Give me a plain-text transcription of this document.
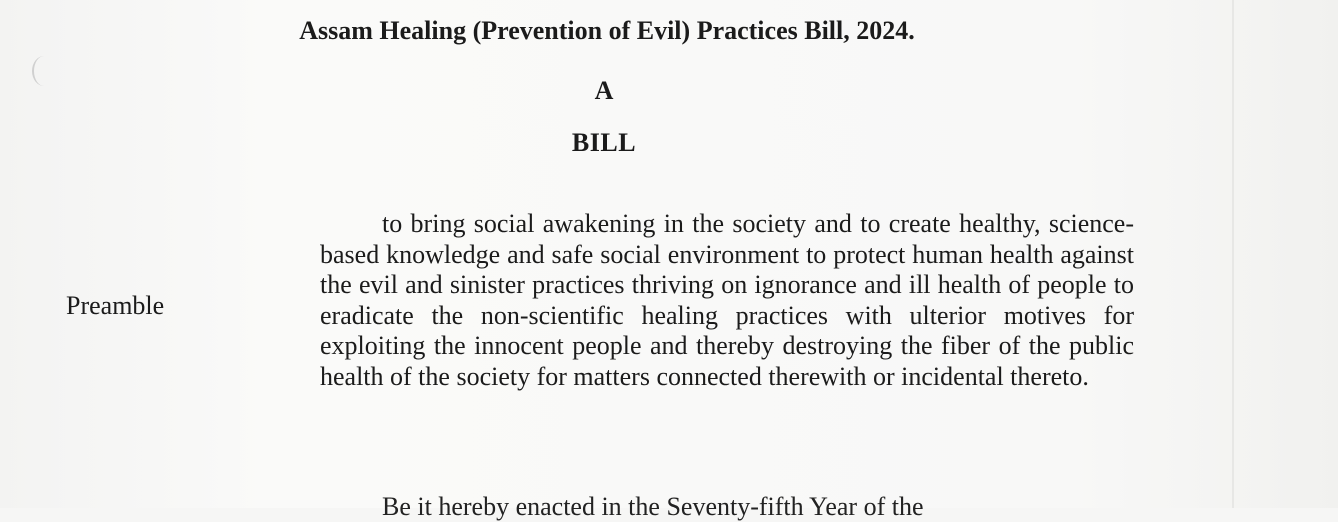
Assam Healing (Prevention of Evil) Practices Bill, 2024.
A
BILL
Preamble

to bring social awakening in the society and to create healthy, science-based knowledge and safe social environment to protect human health against the evil and sinister practices thriving on ignorance and ill health of people to eradicate the non-scientific healing practices with ulterior motives for exploiting the innocent people and thereby destroying the fiber of the public health of the society for matters connected therewith or incidental thereto.

Be it hereby enacted in the Seventy-fifth Year of the
